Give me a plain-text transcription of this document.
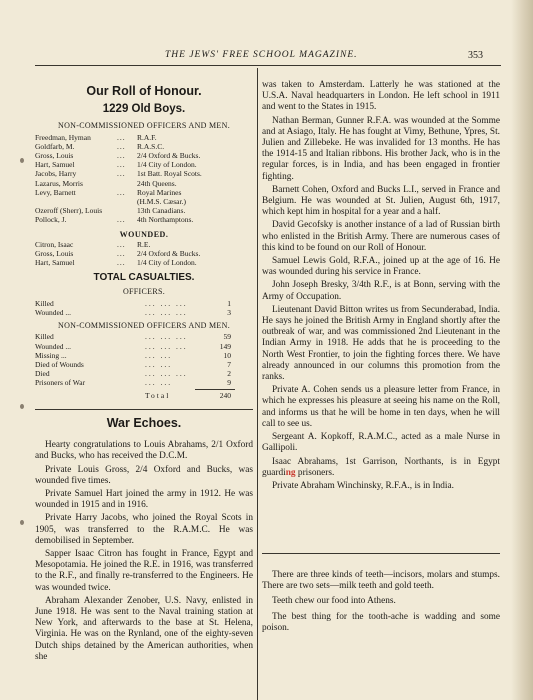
THE JEWS' FREE SCHOOL MAGAZINE.	353
Our Roll of Honour.
1229 Old Boys.
NON-COMMISSIONED OFFICERS AND MEN.
Freedman, Hyman	...	R.A.F.
Goldfarb, M.	...	R.A.S.C.
Gross, Louis	...	2/4 Oxford & Bucks.
Hart, Samuel	...	1/4 City of London.
Jacobs, Harry	...	1st Batt. Royal Scots.
Lazarus, Morris	24th Queens.
Levy, Barnett	...	Royal Marines
(H.M.S. Cæsar.)
Ozeroff (Sherr), Louis	13th Canadians.
Pollock, J.	...	4th Northamptons.
WOUNDED.
Citron, Isaac	...	R.E.
Gross, Louis	...	2/4 Oxford & Bucks.
Hart, Samuel	...	1/4 City of London.
TOTAL CASUALTIES.
OFFICERS.
Killed	... ... ...	1
Wounded ...	... ... ...	3
NON-COMMISSIONED OFFICERS AND MEN.
Killed	... ... ...	59
Wounded ...	... ... ...	149
Missing ...	... ...	10
Died of Wounds	... ...	7
Died	... ... ...	2
Prisoners of War	... ...	9
Total	240
War Echoes.

Hearty congratulations to Louis Abrahams, 2/1 Oxford and Bucks, who has received the D.C.M.

Private Louis Gross, 2/4 Oxford and Bucks, was wounded five times.

Private Samuel Hart joined the army in 1912. He was wounded in 1915 and in 1916.

Private Harry Jacobs, who joined the Royal Scots in 1905, was transferred to the R.A.M.C. He was demobilised in September.

Sapper Isaac Citron has fought in France, Egypt and Mesopotamia. He joined the R.E. in 1916, was transferred to the R.F., and finally re-transferred to the Engineers. He was wounded twice.

Abraham Alexander Zenober, U.S. Navy, enlisted in June 1918. He was sent to the Naval training station at New York, and afterwards to the base at St. Helena, Virginia. He was on the Rynland, one of the eighty-seven Dutch ships detained by the American authorities, when she

was taken to Amsterdam. Latterly he was stationed at the U.S.A. Naval headquarters in London. He left school in 1911 and went to the States in 1915.

Nathan Berman, Gunner R.F.A. was wounded at the Somme and at Asiago, Italy. He has fought at Vimy, Bethune, Ypres, St. Julien and Zillebeke. He was invalided for 13 months. He has the 1914-15 and Italian ribbons. His brother Jack, who is in the regular forces, is in India, and has been engaged in frontier fighting.

Barnett Cohen, Oxford and Bucks L.I., served in France and Belgium. He was wounded at St. Julien, August 6th, 1917, which kept him in hospital for a year and a half.

David Gecofsky is another instance of a lad of Russian birth who enlisted in the British Army. There are numerous cases of this kind to be found on our Roll of Honour.

Samuel Lewis Gold, R.F.A., joined up at the age of 16. He was wounded during his service in France.

John Joseph Bresky, 3/4th R.F., is at Bonn, serving with the Army of Occupation.

Lieutenant David Bitton writes us from Secunderabad, India. He says he joined the British Army in England shortly after the outbreak of war, and was commissioned 2nd Lieutenant in the Indian Army in 1918. He adds that he is proceeding to the North West Frontier, to join the fighting forces there. We have already announced in our columns this promotion from the ranks.

Private A. Cohen sends us a pleasure letter from France, in which he expresses his pleasure at seeing his name on the Roll, and informs us that he will be home in ten days, when he will call to see us.

Sergeant A. Kopkoff, R.A.M.C., acted as a male Nurse in Gallipoli.

Isaac Abrahams, 1st Garrison, Northants, is in Egypt guarding prisoners.

Private Abraham Winchinsky, R.F.A., is in India.

There are three kinds of teeth—incisors, molars and stumps. There are two sets—milk teeth and gold teeth.

Teeth chew our food into Athens.

The best thing for the tooth-ache is wadding and some poison.
